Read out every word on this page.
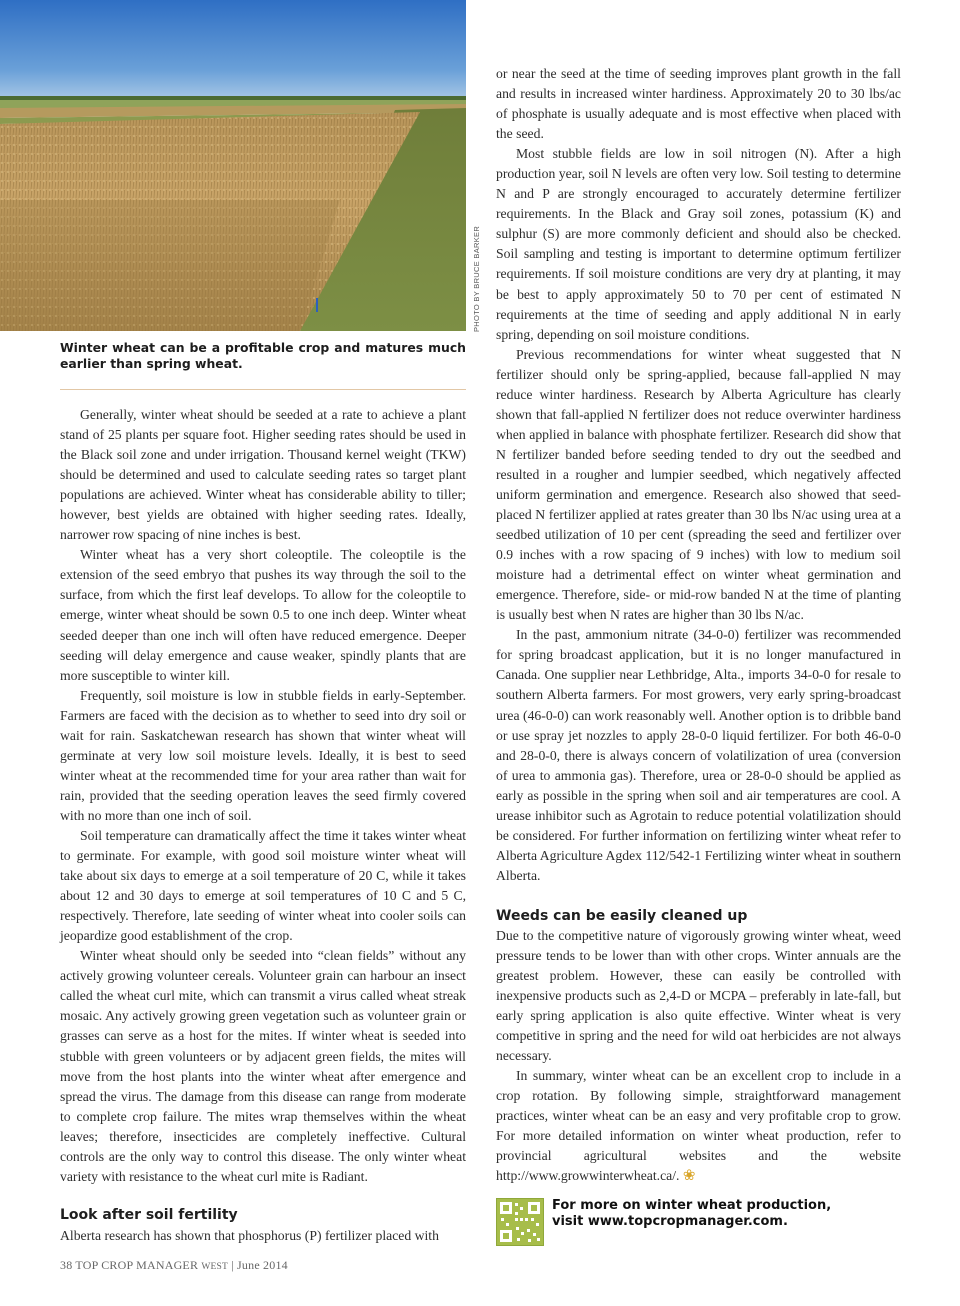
PHOTO BY BRUCE BARKER
Winter wheat can be a profitable crop and matures much earlier than spring wheat.

Generally, winter wheat should be seeded at a rate to achieve a plant stand of 25 plants per square foot. Higher seeding rates should be used in the Black soil zone and under irrigation. Thousand kernel weight (TKW) should be determined and used to calculate seeding rates so target plant populations are achieved. Winter wheat has considerable ability to tiller; however, best yields are obtained with higher seeding rates. Ideally, narrower row spacing of nine inches is best.

Winter wheat has a very short coleoptile. The coleoptile is the extension of the seed embryo that pushes its way through the soil to the surface, from which the first leaf develops. To allow for the coleoptile to emerge, winter wheat should be sown 0.5 to one inch deep. Winter wheat seeded deeper than one inch will often have reduced emergence. Deeper seeding will delay emergence and cause weaker, spindly plants that are more susceptible to winter kill.

Frequently, soil moisture is low in stubble fields in early-September. Farmers are faced with the decision as to whether to seed into dry soil or wait for rain. Saskatchewan research has shown that winter wheat will germinate at very low soil moisture levels. Ideally, it is best to seed winter wheat at the recommended time for your area rather than wait for rain, provided that the seeding operation leaves the seed firmly covered with no more than one inch of soil.

Soil temperature can dramatically affect the time it takes winter wheat to germinate. For example, with good soil moisture winter wheat will take about six days to emerge at a soil temperature of 20 C, while it takes about 12 and 30 days to emerge at soil temperatures of 10 C and 5 C, respectively. Therefore, late seeding of winter wheat into cooler soils can jeopardize good establishment of the crop.

Winter wheat should only be seeded into “clean fields” without any actively growing volunteer cereals. Volunteer grain can harbour an insect called the wheat curl mite, which can transmit a virus called wheat streak mosaic. Any actively growing green vegetation such as volunteer grain or grasses can serve as a host for the mites. If winter wheat is seeded into stubble with green volunteers or by adjacent green fields, the mites will move from the host plants into the winter wheat after emergence and spread the virus. The damage from this disease can range from moderate to complete crop failure. The mites wrap themselves within the wheat leaves; therefore, insecticides are completely ineffective. Cultural controls are the only way to control this disease. The only winter wheat variety with resistance to the wheat curl mite is Radiant.

Look after soil fertility

Alberta research has shown that phosphorus (P) fertilizer placed with

or near the seed at the time of seeding improves plant growth in the fall and results in increased winter hardiness. Approximately 20 to 30 lbs/ac of phosphate is usually adequate and is most effective when placed with the seed.

Most stubble fields are low in soil nitrogen (N). After a high production year, soil N levels are often very low. Soil testing to determine N and P are strongly encouraged to accurately determine fertilizer requirements. In the Black and Gray soil zones, potassium (K) and sulphur (S) are more commonly deficient and should also be checked. Soil sampling and testing is important to determine optimum fertilizer requirements. If soil moisture conditions are very dry at planting, it may be best to apply approximately 50 to 70 per cent of estimated N requirements at the time of seeding and apply additional N in early spring, depending on soil moisture conditions.

Previous recommendations for winter wheat suggested that N fertilizer should only be spring-applied, because fall-applied N may reduce winter hardiness. Research by Alberta Agriculture has clearly shown that fall-applied N fertilizer does not reduce overwinter hardiness when applied in balance with phosphate fertilizer. Research did show that N fertilizer banded before seeding tended to dry out the seedbed and resulted in a rougher and lumpier seedbed, which negatively affected uniform germination and emergence. Research also showed that seed-placed N fertilizer applied at rates greater than 30 lbs N/ac using urea at a seedbed utilization of 10 per cent (spreading the seed and fertilizer over 0.9 inches with a row spacing of 9 inches) with low to medium soil moisture had a detrimental effect on winter wheat germination and emergence. Therefore, side- or mid-row banded N at the time of planting is usually best when N rates are higher than 30 lbs N/ac.

In the past, ammonium nitrate (34-0-0) fertilizer was recommended for spring broadcast application, but it is no longer manufactured in Canada. One supplier near Lethbridge, Alta., imports 34-0-0 for resale to southern Alberta farmers. For most growers, very early spring-broadcast urea (46-0-0) can work reasonably well. Another option is to dribble band or use spray jet nozzles to apply 28-0-0 liquid fertilizer. For both 46-0-0 and 28-0-0, there is always concern of volatilization of urea (conversion of urea to ammonia gas). Therefore, urea or 28-0-0 should be applied as early as possible in the spring when soil and air temperatures are cool. A urease inhibitor such as Agrotain to reduce potential volatilization should be considered. For further information on fertilizing winter wheat refer to Alberta Agriculture Agdex 112/542-1 Fertilizing winter wheat in southern Alberta.

Weeds can be easily cleaned up

Due to the competitive nature of vigorously growing winter wheat, weed pressure tends to be lower than with other crops. Winter annuals are the greatest problem. However, these can easily be controlled with inexpensive products such as 2,4-D or MCPA – preferably in late-fall, but early spring application is also quite effective. Winter wheat is very competitive in spring and the need for wild oat herbicides are not always necessary.

In summary, winter wheat can be an excellent crop to include in a crop rotation. By following simple, straightforward management practices, winter wheat can be an easy and very profitable crop to grow. For more detailed information on winter wheat production, refer to provincial agricultural websites and the website http://www.growwinterwheat.ca/. ❀

For more on winter wheat production,
visit www.topcropmanager.com.
38 TOP CROP MANAGER WEST | June 2014
